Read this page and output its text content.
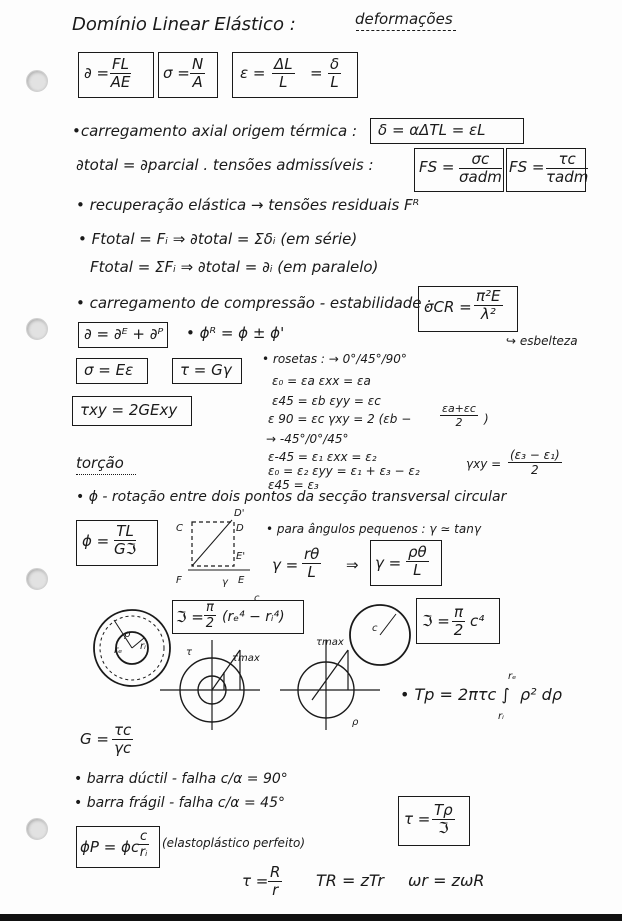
Domínio Linear Elástico :	deformações
∂ = $\frac{FL}{AE}$ $\sigma = \frac{N}{A}$ $\varepsilon = \frac{\Delta L}{L} = \frac{\delta}{L}$
•carregamento axial origem térmica : δ = αΔTL = εL
∂total = ∂parcial . tensões admissíveis :	FS =	σc
σadm
FS = τc
τadm
• recuperação elástica → tensões residuais Fᴿ
• Ftotal = Fᵢ ⇒ ∂total = Σδᵢ (em série)
Ftotal = ΣFᵢ ⇒ ∂total = ∂ᵢ (em paralelo)
• carregamento de compressão - estabilidade :
$\sigma CR = \frac{\text{π²E}}{\text{λ²}}$
↪ esbelteza
∂ = ∂ᴱ + ∂ᴾ • ϕᴿ = ϕ ± ϕ'
σ = Eε	τ = Gγ
τxy = 2GExy
• rosetas : → 0°/45°/90°
ε₀ = εa εxx = εa
ε45 = εb εyy = εc
ε 90 = εc γxy = 2 (εb −	$\frac{\varepsilon a+\varepsilon c}{2}$ )
→ -45°/0°/45°
ε-45 = ε₁ εxx = ε₂
ε₀ = ε₂ εyy = ε₁ + ε₃ − ε₂	$\gamma xy = \frac{\text{(ε₃ − ε₁)}}{2}$
ε45 = ε₃
torção
• ϕ - rotação entre dois pontos da secção transversal circular
ϕ =
TL
Gℑ
C	D
D'
E'
E
F	γ
• para ângulos pequenos : γ ≃ tanγ
$\gamma = \frac{r\theta}{L}$ ⇒ $\gamma = \frac{\rho\theta}{L}$
c
ℑ = $\frac{\pi}{2} (r_e^4$ − rᵢ⁴)	ℑ = $\frac{\pi}{2} c^4$
rₑ rᵢ
ρ
τ
τmax
τmax
ρ
c
• Tp = 2πτc ∫
rₑ
rᵢ
ρ² dρ
$G = \frac{\tau c}{\gamma c}$
• barra dúctil - falha c/α = 90°
• barra frágil - falha c/α = 45°
τ = Tρ
ℑ
ϕP = ϕc
$\frac{c}{\text{rᵢ}}$ (elastoplástico perfeito)
$\tau = \frac{R}{r}$ TR = zTr ωr = zωR
